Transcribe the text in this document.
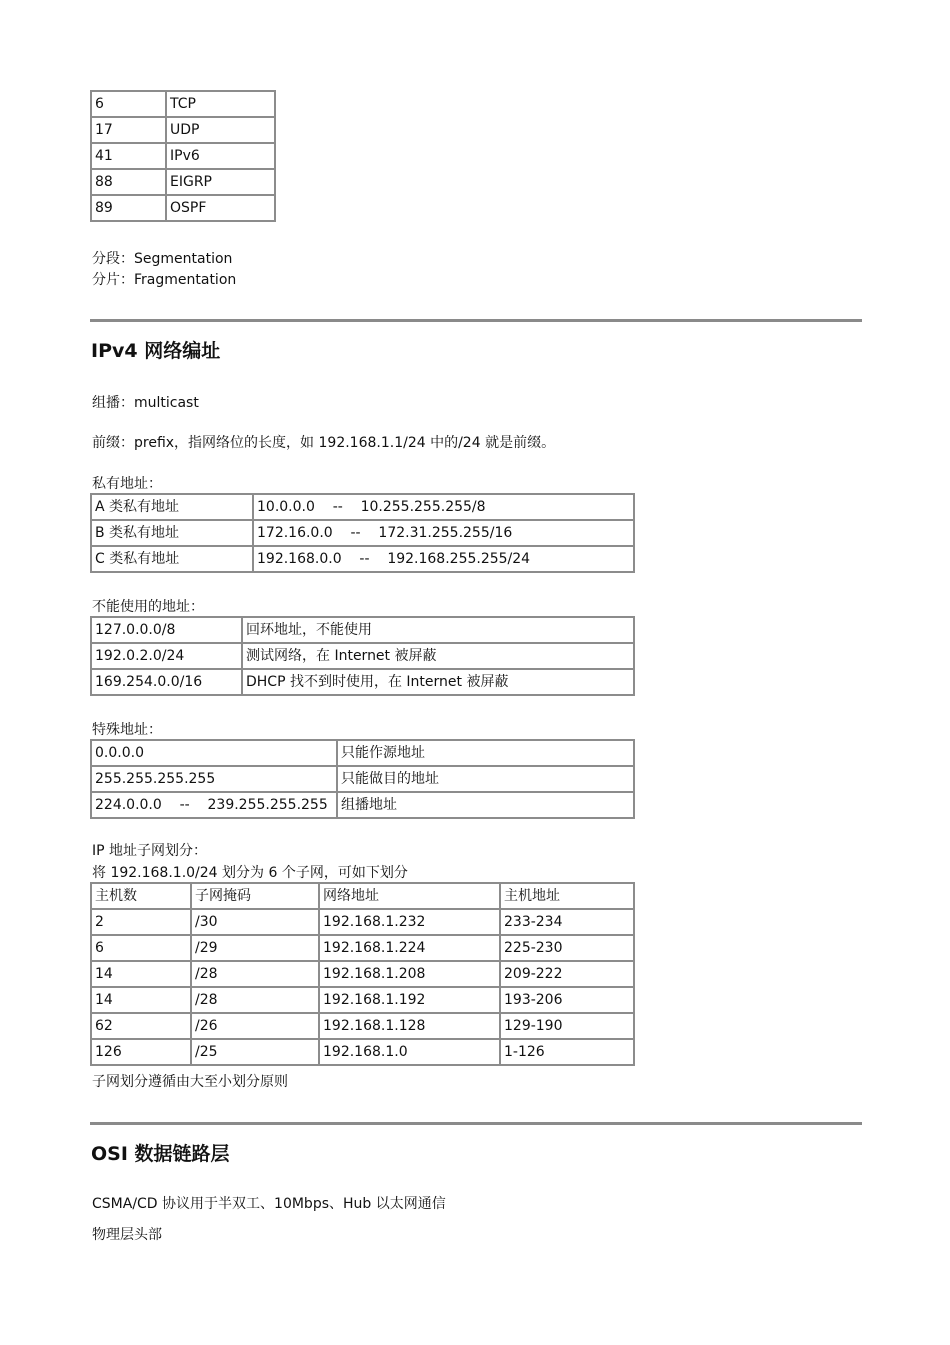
6	TCP
17	UDP
41	IPv6
88	EIGRP
89	OSPF
分段：Segmentation
分片：Fragmentation
IPv4 网络编址
组播：multicast
前缀：prefix，指网络位的长度，如 192.168.1.1/24 中的/24 就是前缀。
私有地址：
A 类私有地址	10.0.0.0    --    10.255.255.255/8
B 类私有地址	172.16.0.0    --    172.31.255.255/16
C 类私有地址	192.168.0.0    --    192.168.255.255/24
不能使用的地址：
127.0.0.0/8	回环地址，不能使用
192.0.2.0/24	测试网络，在 Internet 被屏蔽
169.254.0.0/16	DHCP 找不到时使用，在 Internet 被屏蔽
特殊地址：
0.0.0.0	只能作源地址
255.255.255.255	只能做目的地址
224.0.0.0    --    239.255.255.255	组播地址
IP 地址子网划分：
将 192.168.1.0/24 划分为 6 个子网，可如下划分
主机数	子网掩码	网络地址	主机地址
2	/30	192.168.1.232	233-234
6	/29	192.168.1.224	225-230
14	/28	192.168.1.208	209-222
14	/28	192.168.1.192	193-206
62	/26	192.168.1.128	129-190
126	/25	192.168.1.0	1-126
子网划分遵循由大至小划分原则
OSI 数据链路层
CSMA/CD 协议用于半双工、10Mbps、Hub 以太网通信
物理层头部
